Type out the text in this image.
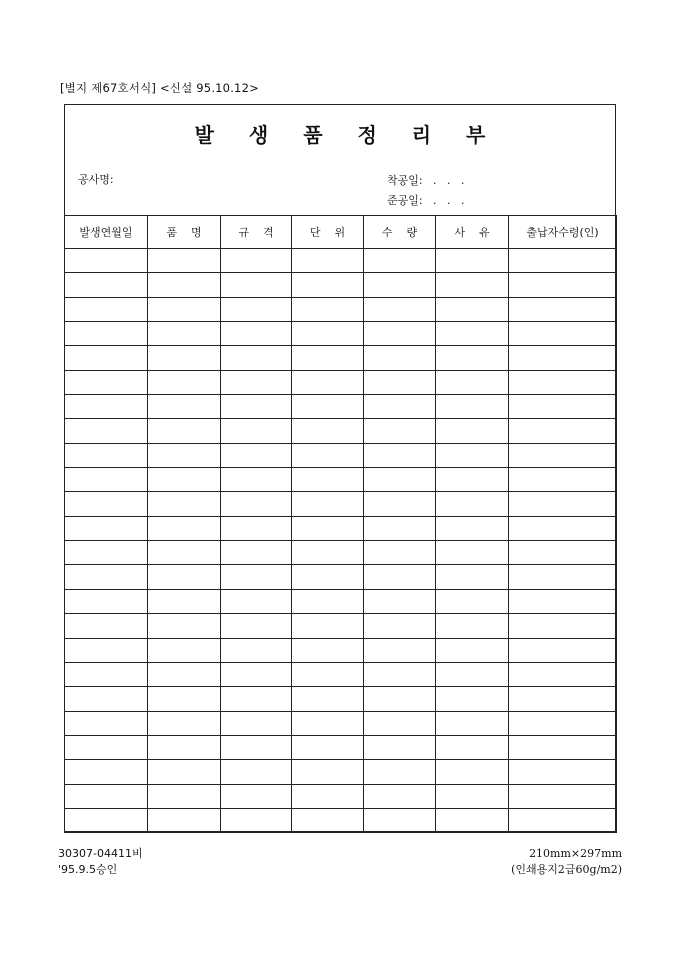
[별지 제67호서식] <신설 95.10.12>
발 생 품 정 리 부
공사명:	착공일: .   .   .
준공일: .   .   .
발생연월일	품    명	규    격	단    위	수    량	사    유	출납자수령(인)

30307-04411비
'95.9.5승인
210mm×297mm
(인쇄용지2급60g/m2)
